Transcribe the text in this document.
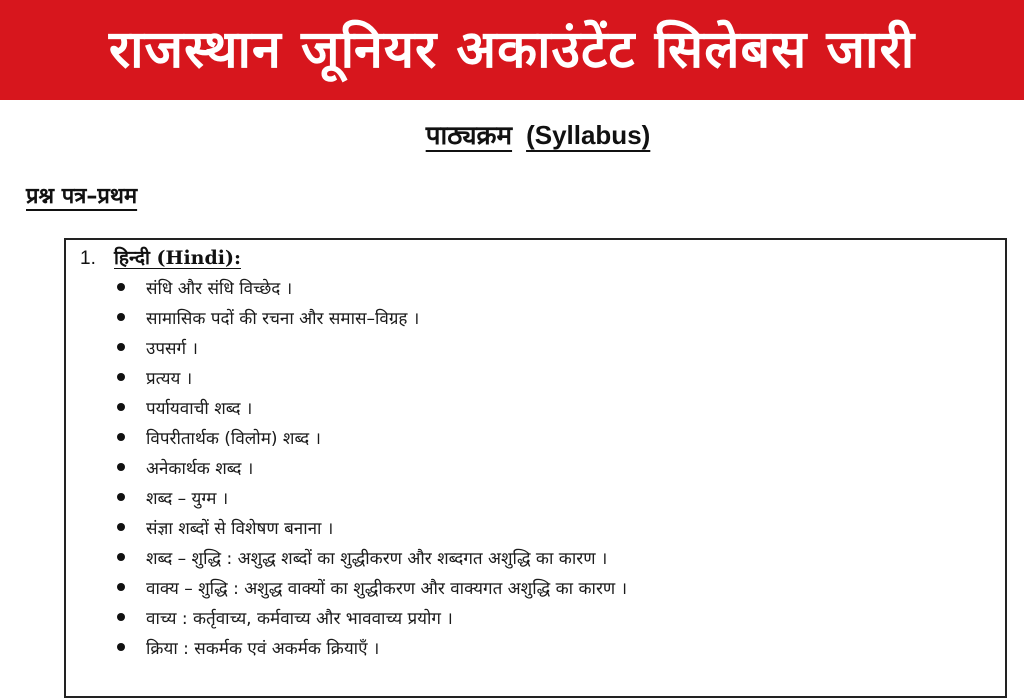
राजस्थान जूनियर अकाउंटेंट सिलेबस जारी
पाठ्यक्रम (Syllabus)
प्रश्न पत्र–प्रथम
1. हिन्दी (Hindi):
संधि और संधि विच्छेद ।
सामासिक पदों की रचना और समास–विग्रह ।
उपसर्ग ।
प्रत्यय ।
पर्यायवाची शब्द ।
विपरीतार्थक (विलोम) शब्द ।
अनेकार्थक शब्द ।
शब्द – युग्म ।
संज्ञा शब्दों से विशेषण बनाना ।
शब्द – शुद्धि : अशुद्ध शब्दों का शुद्धीकरण और शब्दगत अशुद्धि का कारण ।
वाक्य – शुद्धि : अशुद्ध वाक्यों का शुद्धीकरण और वाक्यगत अशुद्धि का कारण ।
वाच्य : कर्तृवाच्य, कर्मवाच्य और भाववाच्य प्रयोग ।
क्रिया : सकर्मक एवं अकर्मक क्रियाएँ ।
